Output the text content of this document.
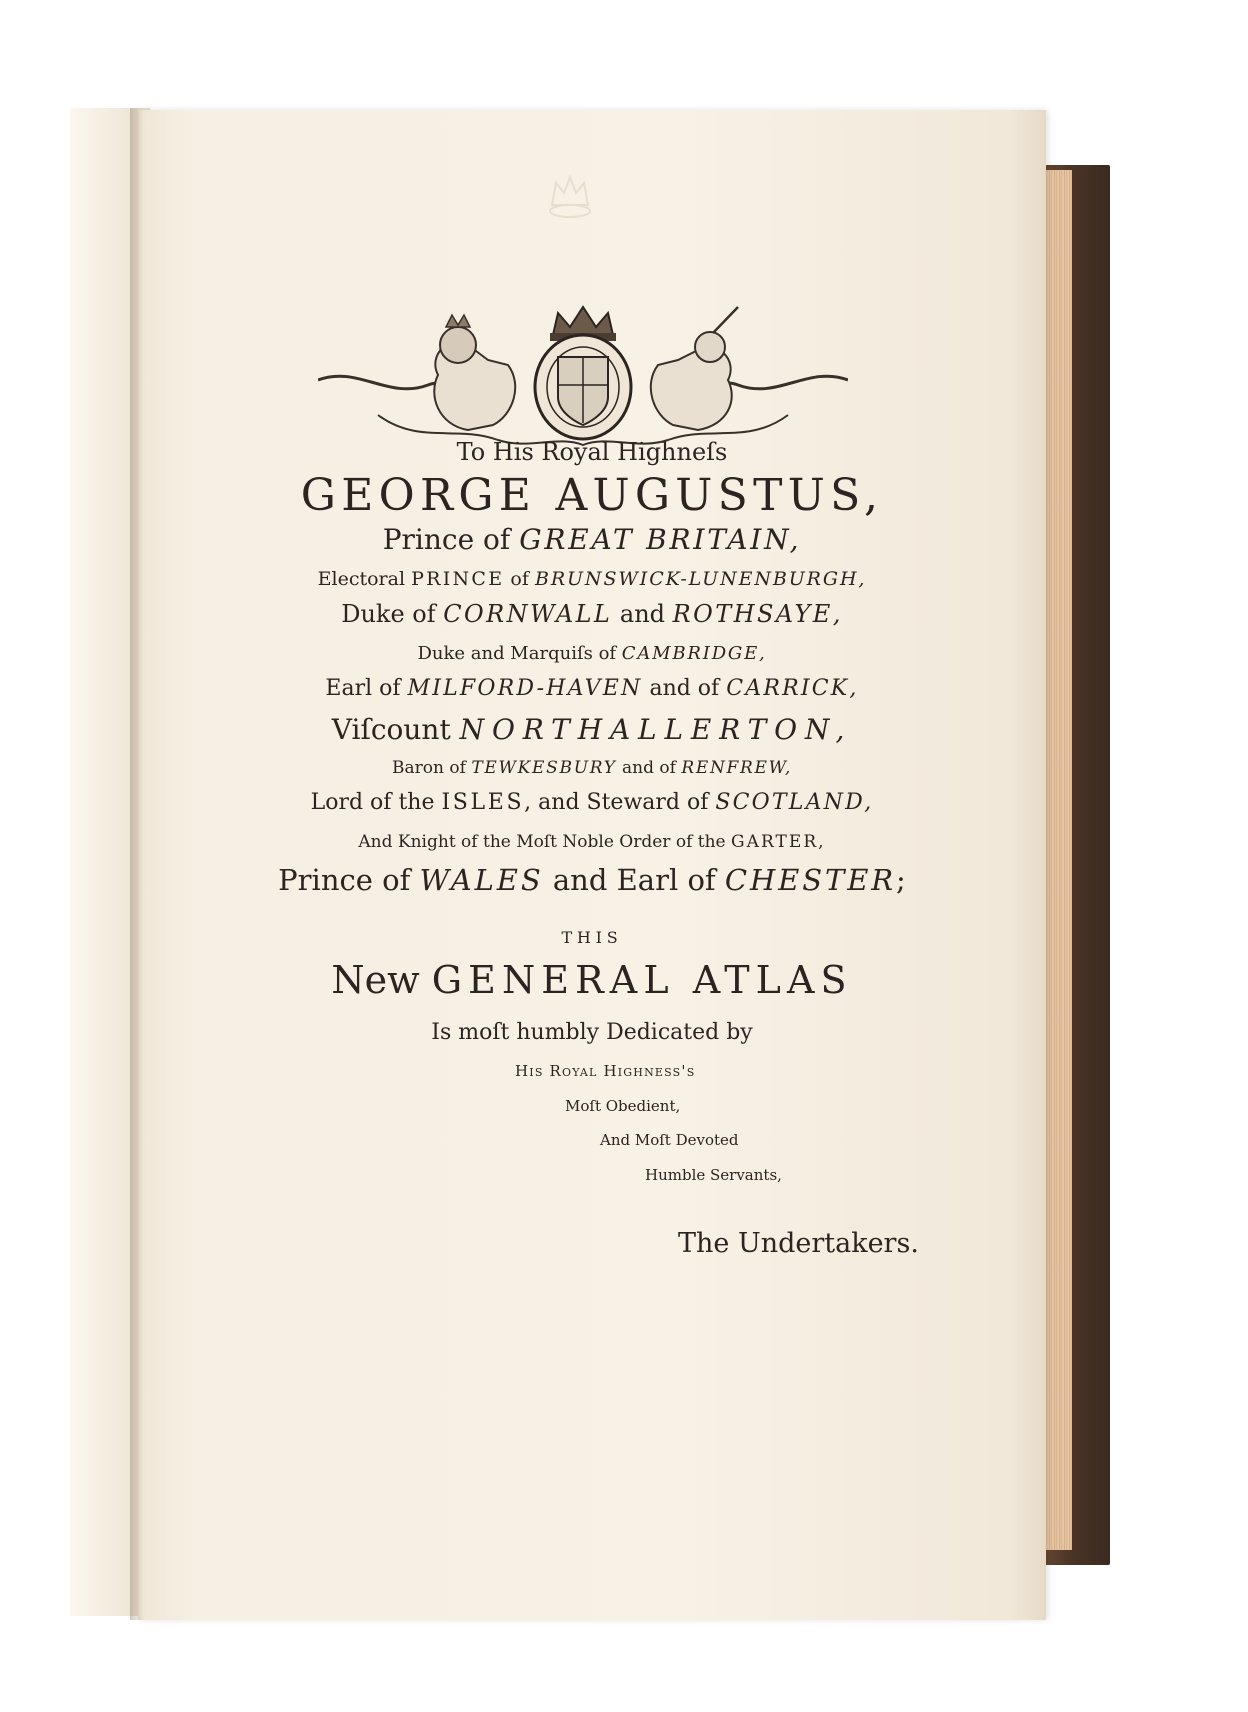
To His Royal Highneſs
GEORGE AUGUSTUS,
Prince of GREAT BRITAIN,
Electoral PRINCE of BRUNSWICK-LUNENBURGH,
Duke of CORNWALL and ROTHSAYE,
Duke and Marquiſs of CAMBRIDGE,
Earl of MILFORD-HAVEN and of CARRICK,
Viſcount NORTHALLERTON,
Baron of TEWKESBURY and of RENFREW,
Lord of the ISLES, and Steward of SCOTLAND,
And Knight of the Moſt Noble Order of the GARTER,
Prince of WALES and Earl of CHESTER;
THIS
New GENERAL ATLAS
Is moſt humbly Dedicated by
His Royal Highness's
Moſt Obedient,
And Moſt Devoted
Humble Servants,
The Undertakers.
